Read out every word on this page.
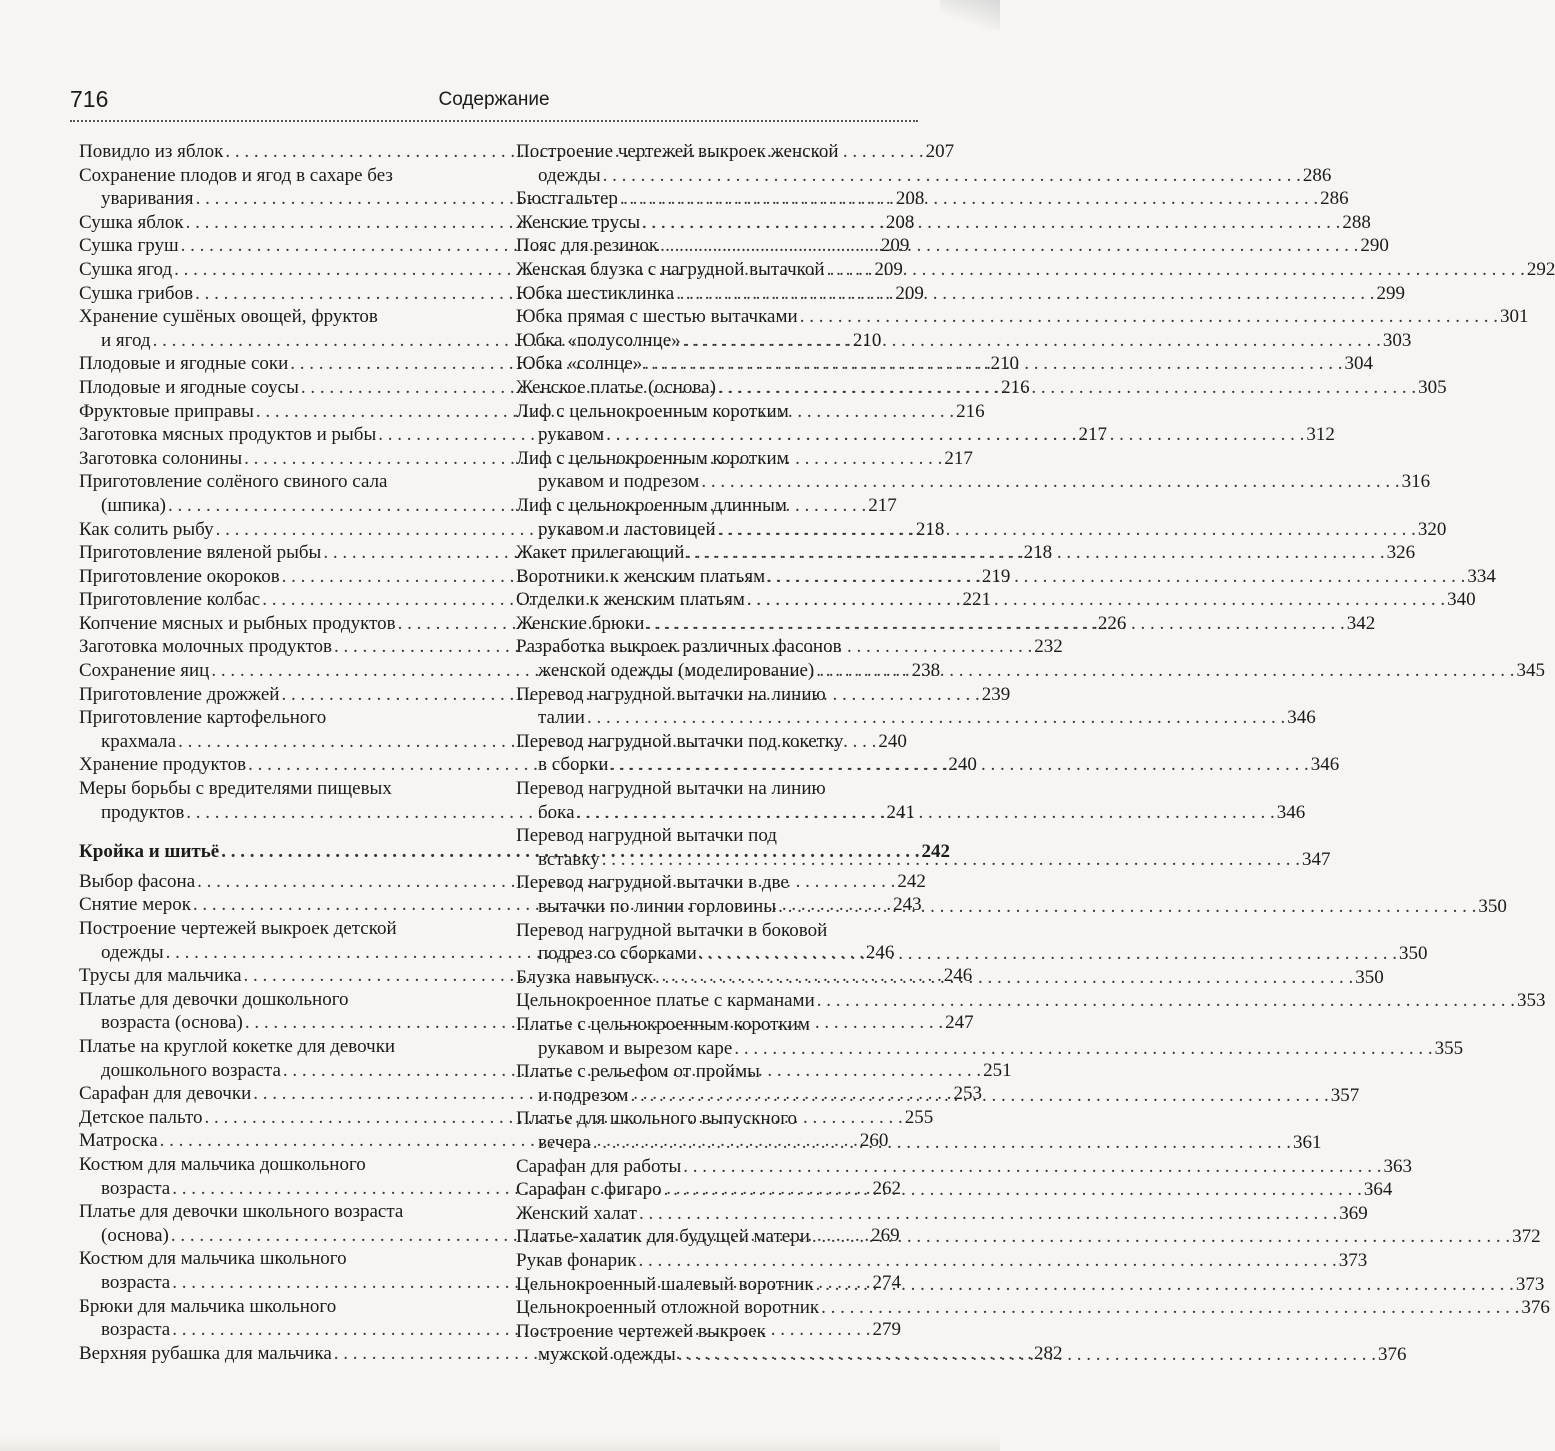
716	Содержание
Повидло из яблок . . .	207
Сохранение плодов и ягод в сахаре без
уваривания . . .	208
Сушка яблок . . .	208
Сушка груш . . .	209
Сушка ягод . . .	209
Сушка грибов . . .	209
Хранение сушёных овощей, фруктов
и ягод . . .	210
Плодовые и ягодные соки . . .	210
Плодовые и ягодные соусы . . .	216
Фруктовые приправы . . .	216
Заготовка мясных продуктов и рыбы . . .	217
Заготовка солонины . . .	217
Приготовление солёного свиного сала
(шпика) . . .	217
Как солить рыбу . . .	218
Приготовление вяленой рыбы . . .	218
Приготовление окороков . . .	219
Приготовление колбас . . .	221
Копчение мясных и рыбных продуктов . . .	226
Заготовка молочных продуктов . . .	232
Сохранение яиц . . .	238
Приготовление дрожжей . . .	239
Приготовление картофельного
крахмала . . .	240
Хранение продуктов . . .	240
Меры борьбы с вредителями пищевых
продуктов . . .	241
Кройка и шитьё . . .	242
Выбор фасона . . .	242
Снятие мерок . . .	243
Построение чертежей выкроек детской
одежды . . .	246
Трусы для мальчика . . .	246
Платье для девочки дошкольного
возраста (основа) . . .	247
Платье на круглой кокетке для девочки
дошкольного возраста . . .	251
Сарафан для девочки . . .	253
Детское пальто . . .	255
Матроска . . .	260
Костюм для мальчика дошкольного
возраста . . .	262
Платье для девочки школьного возраста
(основа) . . .	269
Костюм для мальчика школьного
возраста . . .	274
Брюки для мальчика школьного
возраста . . .	279
Верхняя рубашка для мальчика . . .	282
Построение чертежей выкроек женской
одежды . . .	286
Бюстгальтер . . .	286
Женские трусы . . .	288
Пояс для резинок . . .	290
Женская блузка с нагрудной вытачкой . . .	292
Юбка шестиклинка . . .	299
Юбка прямая с шестью вытачками . . .	301
Юбка «полусолнце» . . .	303
Юбка «солнце» . . .	304
Женское платье (основа) . . .	305
Лиф с цельнокроенным коротким
рукавом . . .	312
Лиф с цельнокроенным коротким
рукавом и подрезом . . .	316
Лиф с цельнокроенным длинным
рукавом и ластовицей . . .	320
Жакет прилегающий . . .	326
Воротники к женским платьям . . .	334
Отделки к женским платьям . . .	340
Женские брюки . . .	342
Разработка выкроек различных фасонов
женской одежды (моделирование) . . .	345
Перевод нагрудной вытачки на линию
талии . . .	346
Перевод нагрудной вытачки под кокетку
в сборки . . .	346
Перевод нагрудной вытачки на линию
бока . . .	346
Перевод нагрудной вытачки под
вставку . . .	347
Перевод нагрудной вытачки в две
вытачки по линии горловины . . .	350
Перевод нагрудной вытачки в боковой
подрез со сборками . . .	350
Блузка навыпуск . . .	350
Цельнокроенное платье с карманами . . .	353
Платье с цельнокроенным коротким
рукавом и вырезом каре . . .	355
Платье с рельефом от проймы
и подрезом . . .	357
Платье для школьного выпускного
вечера . . .	361
Сарафан для работы . . .	363
Сарафан с фигаро . . .	364
Женский халат . . .	369
Платье-халатик для будущей матери . . .	372
Рукав фонарик . . .	373
Цельнокроенный шалевый воротник . . .	373
Цельнокроенный отложной воротник . . .	376
Построение чертежей выкроек
мужской одежды . . .	376
